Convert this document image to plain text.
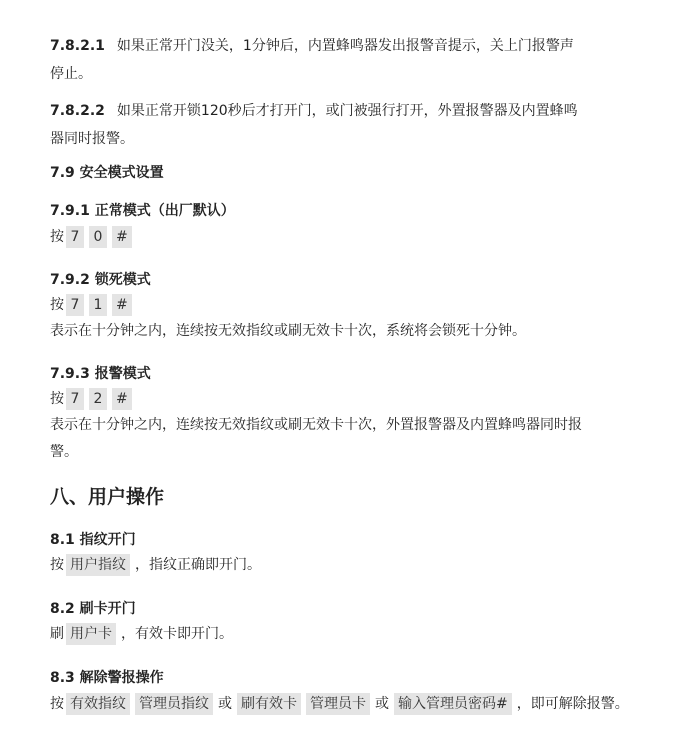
7.8.2.1 如果正常开门没关，1分钟后，内置蜂鸣器发出报警音提示，关上门报警声
停止。
7.8.2.2 如果正常开锁120秒后才打开门，或门被强行打开，外置报警器及内置蜂鸣
器同时报警。
7.9 安全模式设置
7.9.1 正常模式（出厂默认）
按 7 0 #
7.9.2 锁死模式
按 7 1 #
表示在十分钟之内，连续按无效指纹或刷无效卡十次，系统将会锁死十分钟。
7.9.3 报警模式
按 7 2 #
表示在十分钟之内，连续按无效指纹或刷无效卡十次，外置报警器及内置蜂鸣器同时报
警。
八、用户操作
8.1 指纹开门
按 用户指纹 ，指纹正确即开门。
8.2 刷卡开门
刷 用户卡 ，有效卡即开门。
8.3 解除警报操作
按 有效指纹 管理员指纹 或 刷有效卡 管理员卡 或 输入管理员密码# ，即可解除报警。
